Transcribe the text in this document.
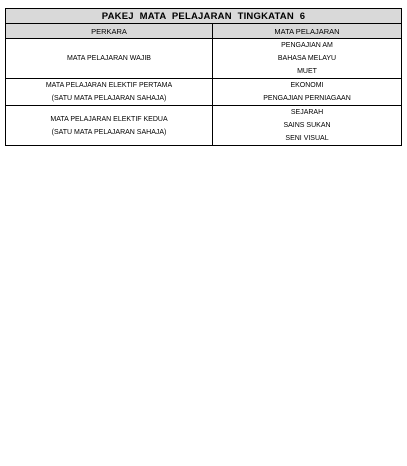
PAKEJ MATA PELAJARAN TINGKATAN 6	
PERKARA	MATA PELAJARAN

MATA PELAJARAN WAJIB	PENGAJIAN AM
BAHASA MELAYU
MUET

MATA PELAJARAN ELEKTIF PERTAMA
(SATU MATA PELAJARAN SAHAJA)	EKONOMI
PENGAJIAN PERNIAGAAN

MATA PELAJARAN ELEKTIF KEDUA
(SATU MATA PELAJARAN SAHAJA)	SEJARAH
SAINS SUKAN
SENI VISUAL
